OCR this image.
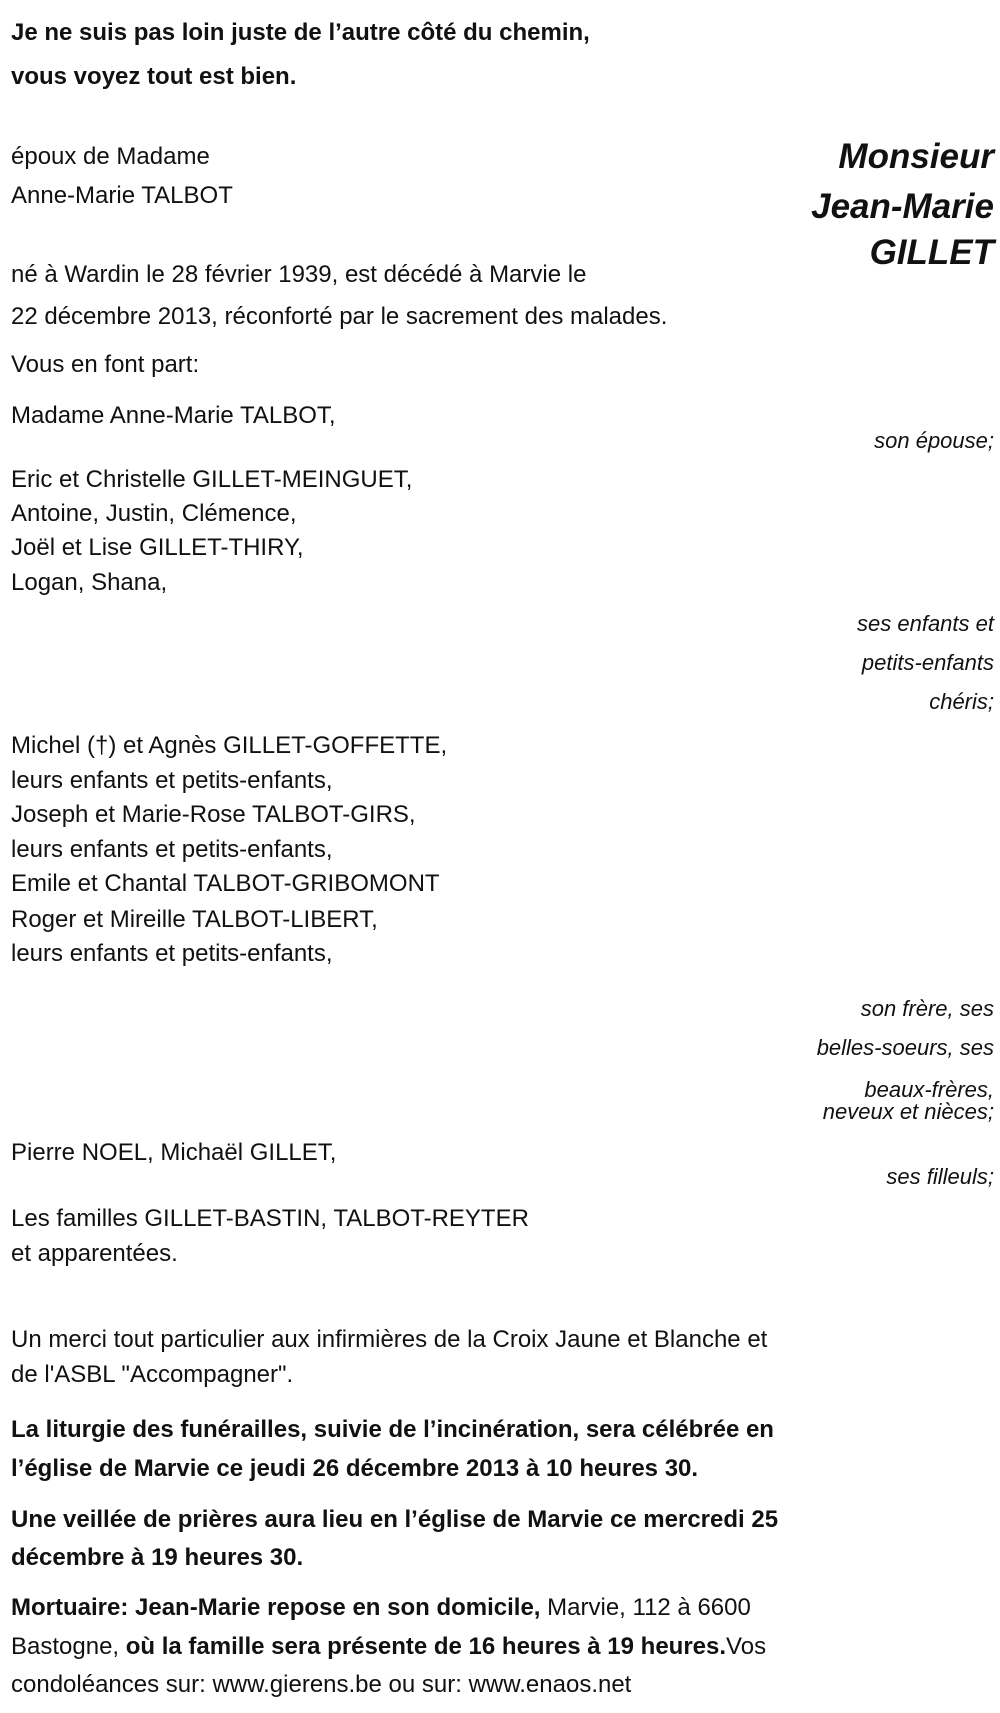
Je ne suis pas loin juste de l’autre côté du chemin,
vous voyez tout est bien.
Monsieur
Jean-Marie
GILLET
époux de Madame
Anne-Marie TALBOT
né à Wardin le 28 février 1939, est décédé à Marvie le
22 décembre 2013, réconforté par le sacrement des malades.
Vous en font part:
Madame Anne-Marie TALBOT,
son épouse;
Eric et Christelle GILLET-MEINGUET,
Antoine, Justin, Clémence,
Joël et Lise GILLET-THIRY,
Logan, Shana,
ses enfants et
petits-enfants
chéris;
Michel (†) et Agnès GILLET-GOFFETTE,
leurs enfants et petits-enfants,
Joseph et Marie-Rose TALBOT-GIRS,
leurs enfants et petits-enfants,
Emile et Chantal TALBOT-GRIBOMONT
Roger et Mireille TALBOT-LIBERT,
leurs enfants et petits-enfants,
son frère, ses
belles-soeurs, ses
beaux-frères,
neveux et nièces;
Pierre NOEL, Michaël GILLET,
ses filleuls;
Les familles GILLET-BASTIN, TALBOT-REYTER
et apparentées.
Un merci tout particulier aux infirmières de la Croix Jaune et Blanche et
de l'ASBL "Accompagner".
La liturgie des funérailles, suivie de l’incinération, sera célébrée en
l’église de Marvie ce jeudi 26 décembre 2013 à 10 heures 30.
Une veillée de prières aura lieu en l’église de Marvie ce mercredi 25
décembre à 19 heures 30.
Mortuaire: Jean-Marie repose en son domicile, Marvie, 112 à 6600
Bastogne, où la famille sera présente de 16 heures à 19 heures.Vos
condoléances sur: www.gierens.be ou sur: www.enaos.net
